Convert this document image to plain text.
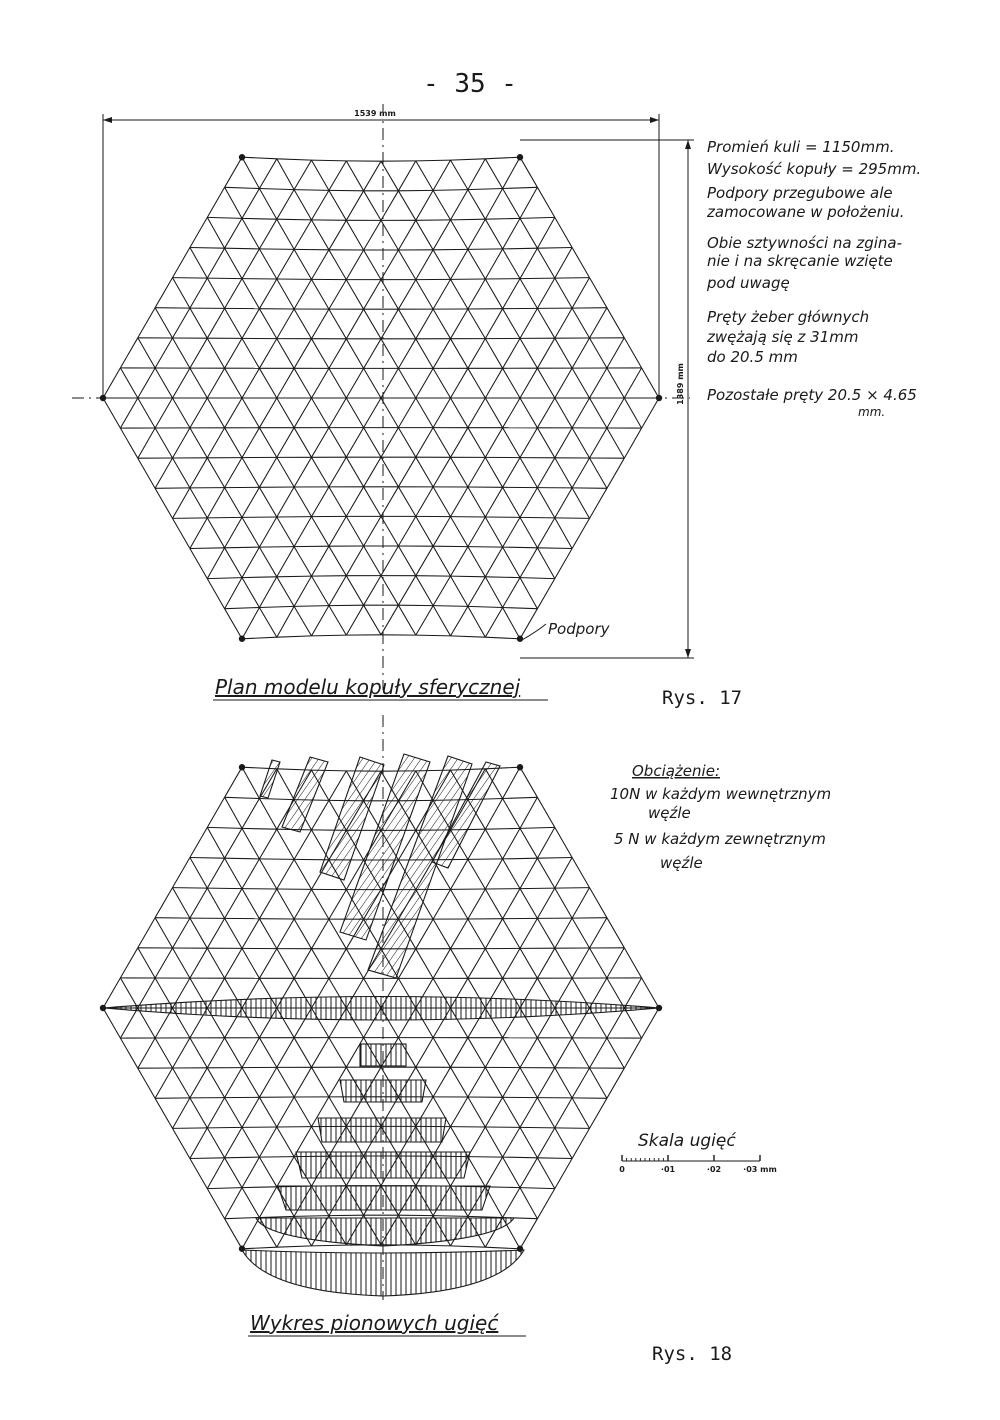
- 35 -
1539 mm
1389 mm
Podpory
Promień kuli = 1150mm.
Wysokość kopuły = 295mm.
Podpory przegubowe ale
zamocowane w położeniu.
Obie sztywności na zgina-
nie i na skręcanie wzięte
pod uwagę
Pręty żeber głównych
zwężają się z 31mm
do 20.5 mm
Pozostałe pręty 20.5 × 4.65
mm.
Plan modelu kopuły sferycznej	Rys. 17
Obciążenie:
10N w każdym wewnętrznym
węźle
5 N w każdym zewnętrznym
węźle
Skala ugięć
0	·01	·02	·03 mm
Wykres pionowych ugięć
Rys. 18
